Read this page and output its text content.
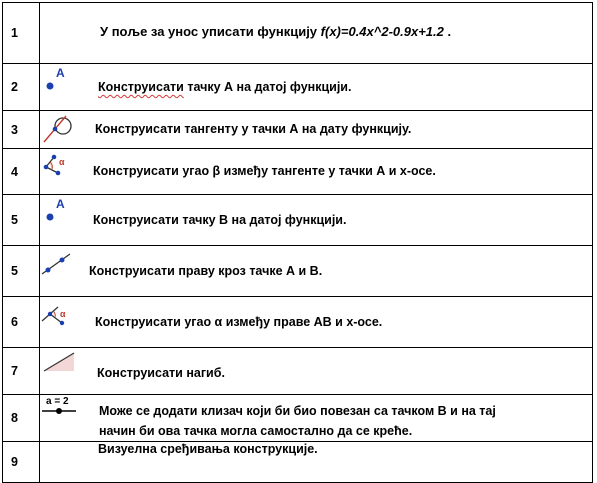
1	У поље за унос уписати функцију f(x)=0.4x^2-0.9x+1.2 .

2	A
Конструисати тачку А на датој функцији.

3	Конструисати тангенту у тачки А на дату функцију.

4	α
Конструисати угао β између тангенте у тачки А и x-осе.

5	A
Конструисати тачку B на датој функцији.

5	Конструисати праву кроз тачке А и B.

6	α
Конструисати угао α између праве АB и x-осе.

7	Конструисати нагиб.

8	a = 2
Може се додати клизач који би био повезан са тачком B и на тај
начин би ова тачка могла самостално да се креће.

9	Визуелна сређивања конструкције.
